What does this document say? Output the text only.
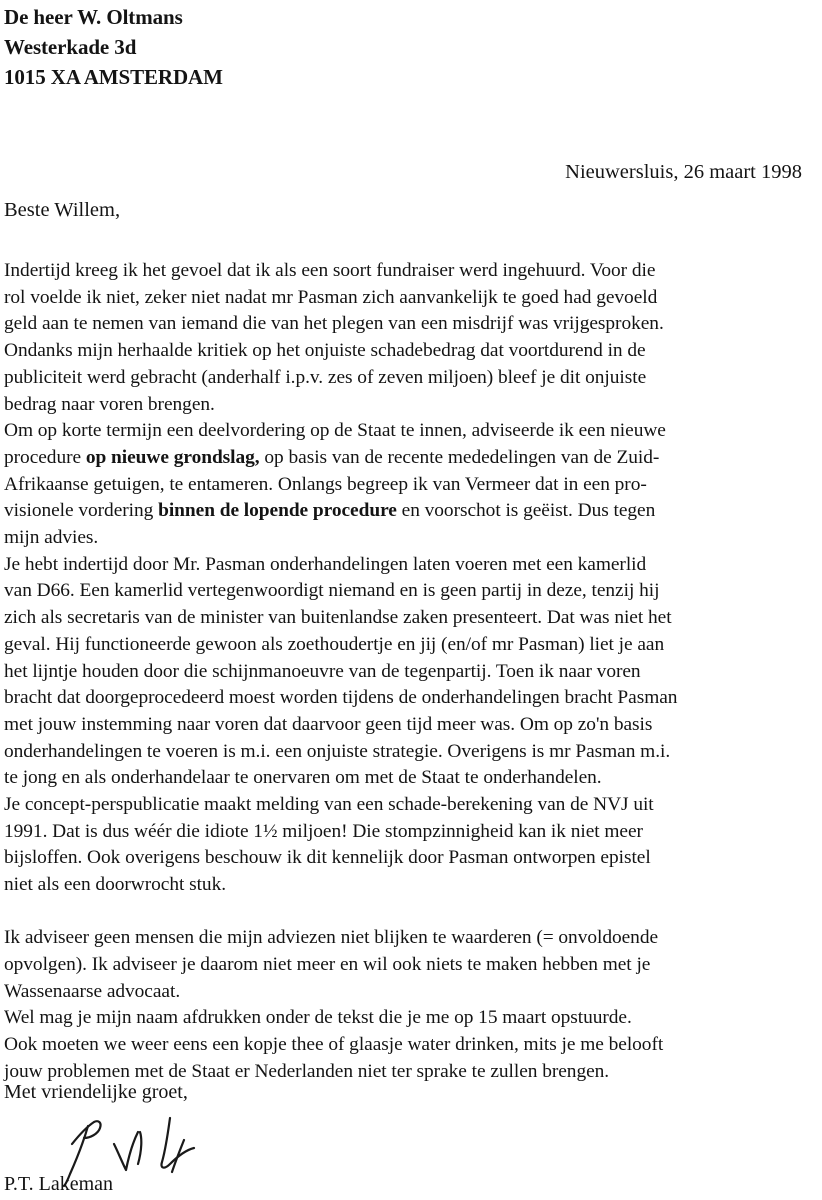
De heer W. Oltmans
Westerkade 3d
1015 XA AMSTERDAM
Nieuwersluis, 26 maart 1998
Beste Willem,
Indertijd kreeg ik het gevoel dat ik als een soort fundraiser werd ingehuurd. Voor die
rol voelde ik niet, zeker niet nadat mr Pasman zich aanvankelijk te goed had gevoeld
geld aan te nemen van iemand die van het plegen van een misdrijf was vrijgesproken.
Ondanks mijn herhaalde kritiek op het onjuiste schadebedrag dat voortdurend in de
publiciteit werd gebracht (anderhalf i.p.v. zes of zeven miljoen) bleef je dit onjuiste
bedrag naar voren brengen.
Om op korte termijn een deelvordering op de Staat te innen, adviseerde ik een nieuwe
procedure op nieuwe grondslag, op basis van de recente mededelingen van de Zuid-
Afrikaanse getuigen, te entameren. Onlangs begreep ik van Vermeer dat in een pro-
visionele vordering binnen de lopende procedure en voorschot is geëist. Dus tegen
mijn advies.
Je hebt indertijd door Mr. Pasman onderhandelingen laten voeren met een kamerlid
van D66. Een kamerlid vertegenwoordigt niemand en is geen partij in deze, tenzij hij
zich als secretaris van de minister van buitenlandse zaken presenteert. Dat was niet het
geval. Hij functioneerde gewoon als zoethoudertje en jij (en/of mr Pasman) liet je aan
het lijntje houden door die schijnmanoeuvre van de tegenpartij. Toen ik naar voren
bracht dat doorgeprocedeerd moest worden tijdens de onderhandelingen bracht Pasman
met jouw instemming naar voren dat daarvoor geen tijd meer was. Om op zo'n basis
onderhandelingen te voeren is m.i. een onjuiste strategie. Overigens is mr Pasman m.i.
te jong en als onderhandelaar te onervaren om met de Staat te onderhandelen.
Je concept-perspublicatie maakt melding van een schade-berekening van de NVJ uit
1991. Dat is dus wéér die idiote 1½ miljoen! Die stompzinnigheid kan ik niet meer
bijsloffen. Ook overigens beschouw ik dit kennelijk door Pasman ontworpen epistel
niet als een doorwrocht stuk.
Ik adviseer geen mensen die mijn adviezen niet blijken te waarderen (= onvoldoende
opvolgen). Ik adviseer je daarom niet meer en wil ook niets te maken hebben met je
Wassenaarse advocaat.
Wel mag je mijn naam afdrukken onder de tekst die je me op 15 maart opstuurde.
Ook moeten we weer eens een kopje thee of glaasje water drinken, mits je me belooft
jouw problemen met de Staat er Nederlanden niet ter sprake te zullen brengen.
Met vriendelijke groet,
P.T. Lakeman
